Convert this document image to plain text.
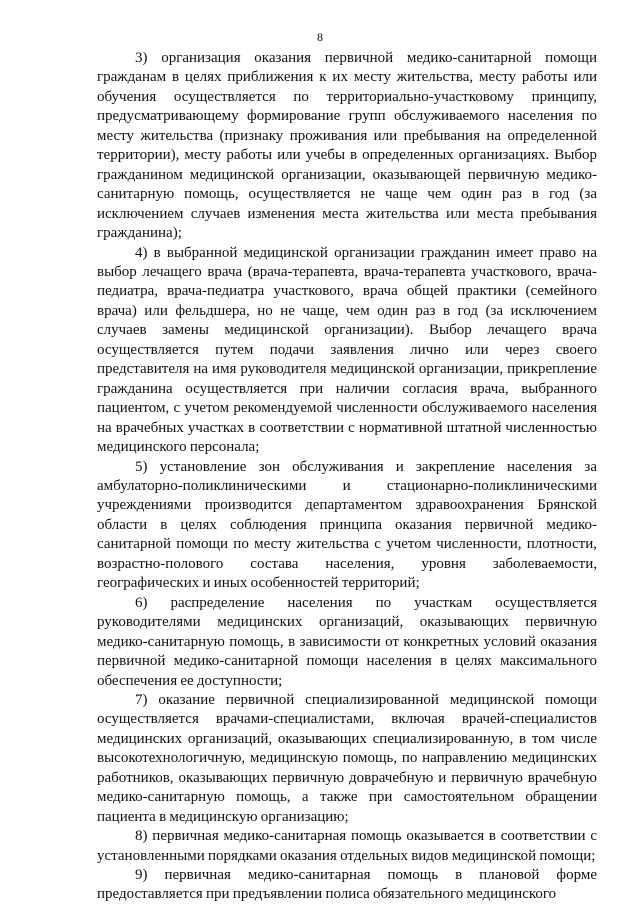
8

3) организация оказания первичной медико-санитарной помощи гражданам в целях приближения к их месту жительства, месту работы или обучения осуществляется по территориально-участковому принципу, предусматривающему формирование групп обслуживаемого населения по месту жительства (признаку проживания или пребывания на определенной территории), месту работы или учебы в определенных организациях. Выбор гражданином медицинской организации, оказывающей первичную медико-санитарную помощь, осуществляется не чаще чем один раз в год (за исключением случаев изменения места жительства или места пребывания гражданина);

4) в выбранной медицинской организации гражданин имеет право на выбор лечащего врача (врача-терапевта, врача-терапевта участкового, врача-педиатра, врача-педиатра участкового, врача общей практики (семейного врача) или фельдшера, но не чаще, чем один раз в год (за исключением случаев замены медицинской организации). Выбор лечащего врача осуществляется путем подачи заявления лично или через своего представителя на имя руководителя медицинской организации, прикрепление гражданина осуществляется при наличии согласия врача, выбранного пациентом, с учетом рекомендуемой численности обслуживаемого населения на врачебных участках в соответствии с нормативной штатной численностью медицинского персонала;

5) установление зон обслуживания и закрепление населения за амбулаторно-поликлиническими и стационарно-поликлиническими учреждениями производится департаментом здравоохранения Брянской области в целях соблюдения принципа оказания первичной медико-санитарной помощи по месту жительства с учетом численности, плотности, возрастно-полового состава населения, уровня заболеваемости, географических и иных особенностей территорий;

6) распределение населения по участкам осуществляется руководителями медицинских организаций, оказывающих первичную медико-санитарную помощь, в зависимости от конкретных условий оказания первичной медико-санитарной помощи населения в целях максимального обеспечения ее доступности;

7) оказание первичной специализированной медицинской помощи осуществляется врачами-специалистами, включая врачей-специалистов медицинских организаций, оказывающих специализированную, в том числе высокотехнологичную, медицинскую помощь, по направлению медицинских работников, оказывающих первичную доврачебную и первичную врачебную медико-санитарную помощь, а также при самостоятельном обращении пациента в медицинскую организацию;

8) первичная медико-санитарная помощь оказывается в соответствии с установленными порядками оказания отдельных видов медицинской помощи;

9) первичная медико-санитарная помощь в плановой форме предоставляется при предъявлении полиса обязательного медицинского
